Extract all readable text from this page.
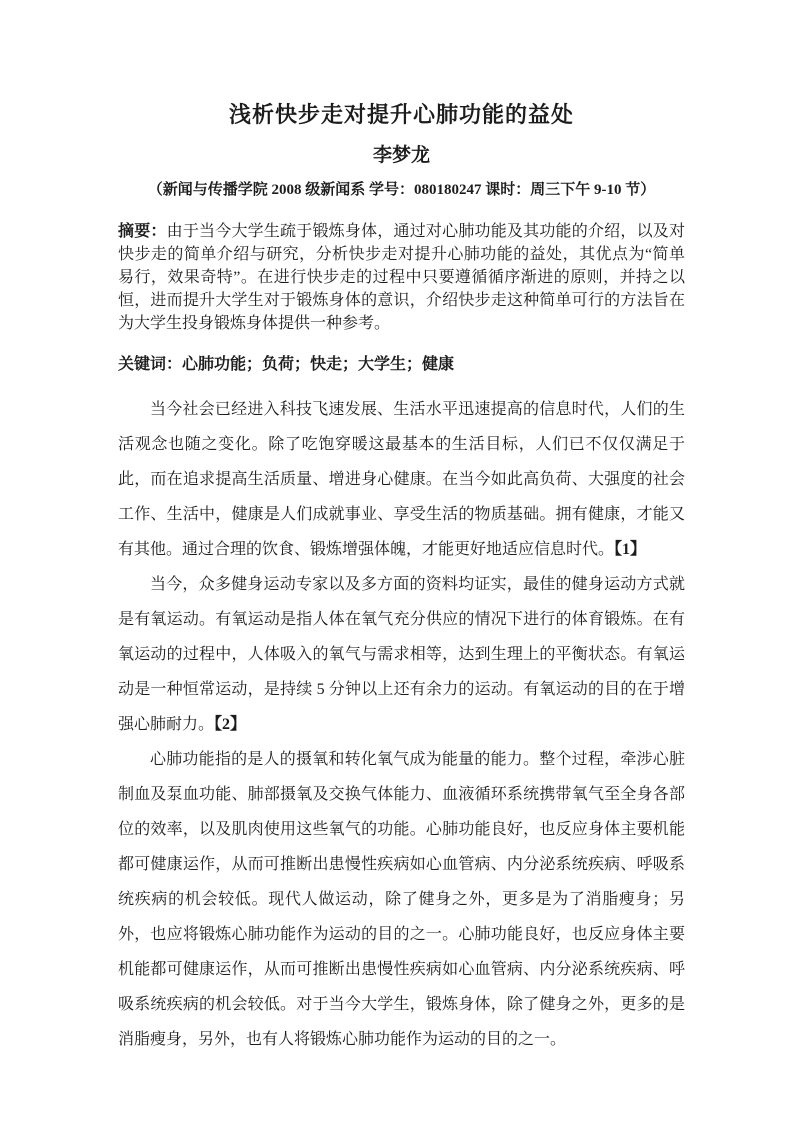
浅析快步走对提升心肺功能的益处
李梦龙
（新闻与传播学院 2008 级新闻系 学号：080180247 课时：周三下午 9-10 节）
摘要：由于当今大学生疏于锻炼身体，通过对心肺功能及其功能的介绍，以及对快步走的简单介绍与研究，分析快步走对提升心肺功能的益处，其优点为“简单易行，效果奇特”。在进行快步走的过程中只要遵循循序渐进的原则，并持之以恒，进而提升大学生对于锻炼身体的意识，介绍快步走这种简单可行的方法旨在为大学生投身锻炼身体提供一种参考。
关键词：心肺功能；负荷；快走；大学生；健康

当今社会已经进入科技飞速发展、生活水平迅速提高的信息时代，人们的生活观念也随之变化。除了吃饱穿暖这最基本的生活目标，人们已不仅仅满足于此，而在追求提高生活质量、增进身心健康。在当今如此高负荷、大强度的社会工作、生活中，健康是人们成就事业、享受生活的物质基础。拥有健康，才能又有其他。通过合理的饮食、锻炼增强体魄，才能更好地适应信息时代。【1】

当今，众多健身运动专家以及多方面的资料均证实，最佳的健身运动方式就是有氧运动。有氧运动是指人体在氧气充分供应的情况下进行的体育锻炼。在有氧运动的过程中，人体吸入的氧气与需求相等，达到生理上的平衡状态。有氧运动是一种恒常运动，是持续 5 分钟以上还有余力的运动。有氧运动的目的在于增强心肺耐力。【2】

心肺功能指的是人的摄氧和转化氧气成为能量的能力。整个过程，牵涉心脏制血及泵血功能、肺部摄氧及交换气体能力、血液循环系统携带氧气至全身各部位的效率，以及肌肉使用这些氧气的功能。心肺功能良好，也反应身体主要机能都可健康运作，从而可推断出患慢性疾病如心血管病、内分泌系统疾病、呼吸系统疾病的机会较低。现代人做运动，除了健身之外，更多是为了消脂瘦身；另外，也应将锻炼心肺功能作为运动的目的之一。心肺功能良好，也反应身体主要机能都可健康运作，从而可推断出患慢性疾病如心血管病、内分泌系统疾病、呼吸系统疾病的机会较低。对于当今大学生，锻炼身体，除了健身之外，更多的是消脂瘦身，另外，也有人将锻炼心肺功能作为运动的目的之一。
